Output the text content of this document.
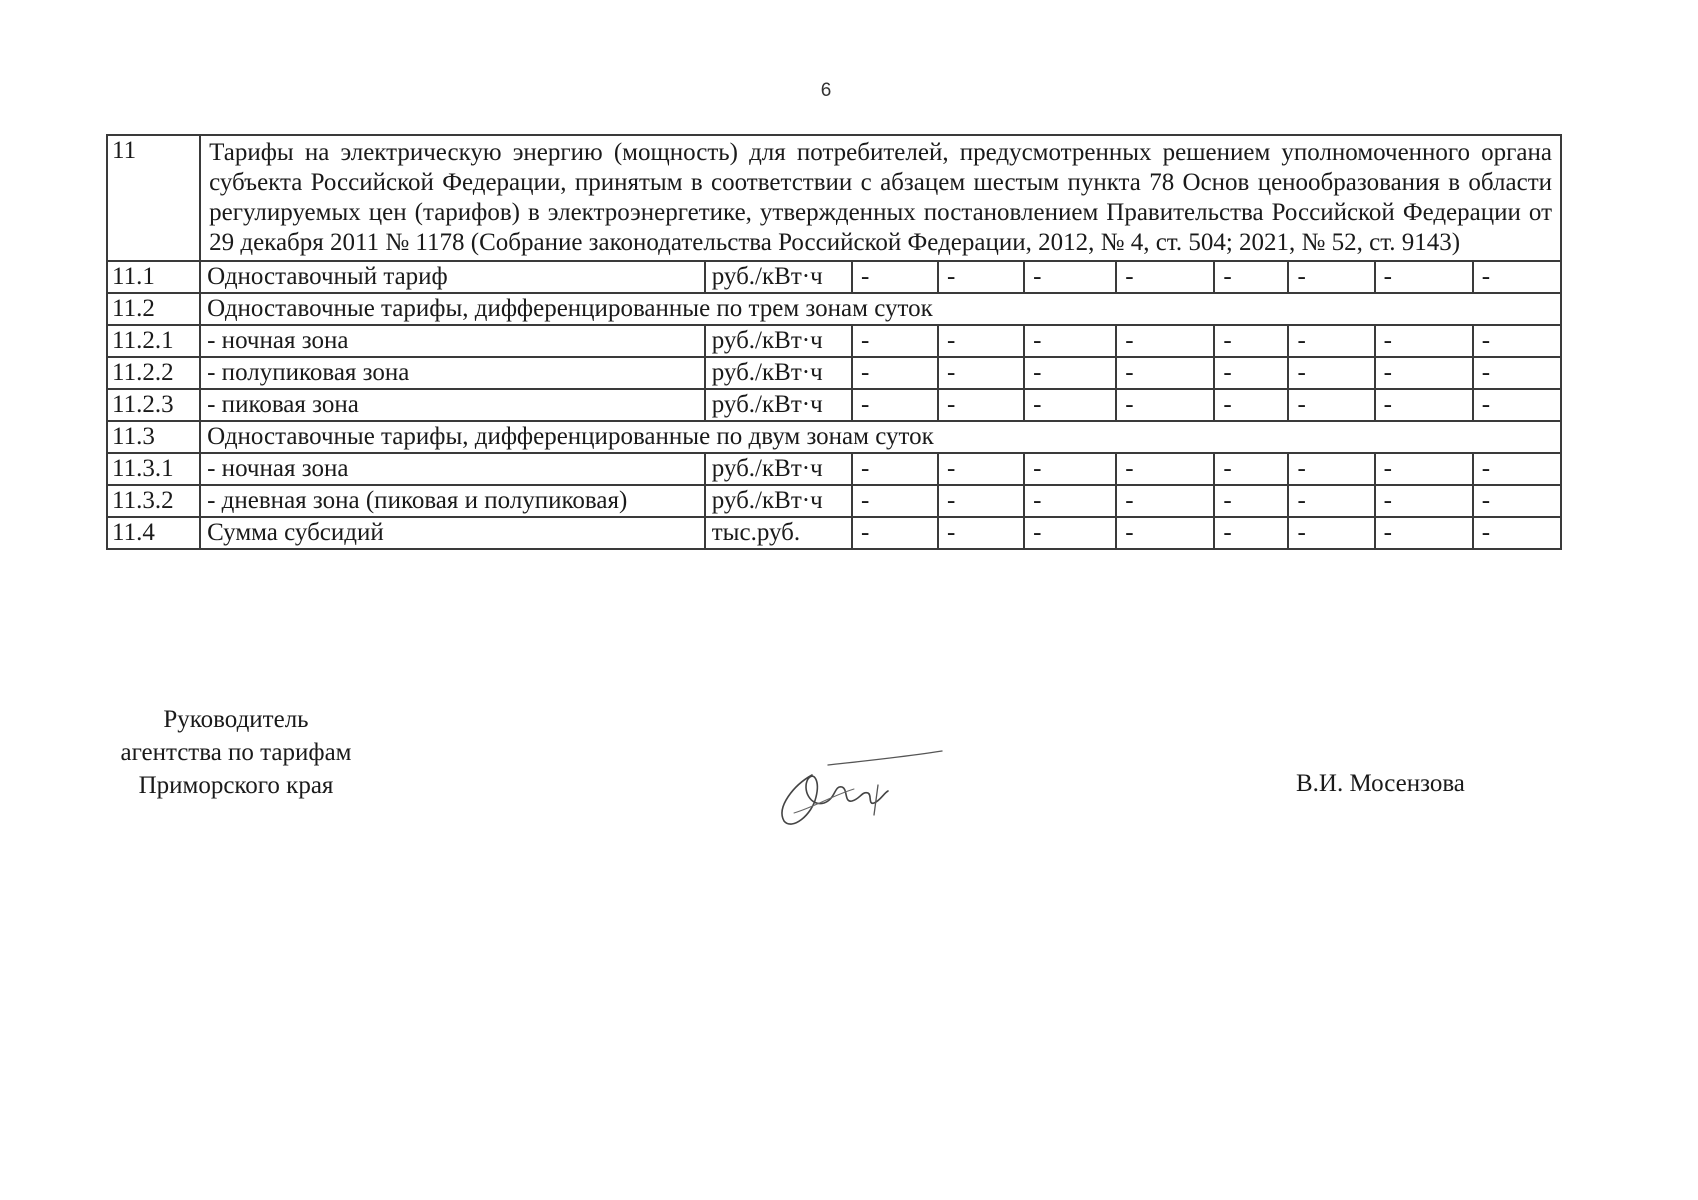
6
11	Тарифы на электрическую энергию (мощность) для потребителей, предусмотренных решением уполномоченного органа субъекта Российской Федерации, принятым в соответствии с абзацем шестым пункта 78 Основ ценообразования в области регулируемых цен (тарифов) в электроэнергетике, утвержденных постановлением Правительства Российской Федерации от 29 декабря 2011 № 1178 (Собрание законодательства Российской Федерации, 2012, № 4, ст. 504; 2021, № 52, ст. 9143)									
11.1	Одноставочный тариф	руб./кВт·ч	-	-	-	-	-	-	-	-
11.2	Одноставочные тарифы, дифференцированные по трем зонам суток									
11.2.1	- ночная зона	руб./кВт·ч	-	-	-	-	-	-	-	-
11.2.2	- полупиковая зона	руб./кВт·ч	-	-	-	-	-	-	-	-
11.2.3	- пиковая зона	руб./кВт·ч	-	-	-	-	-	-	-	-
11.3	Одноставочные тарифы, дифференцированные по двум зонам суток									
11.3.1	- ночная зона	руб./кВт·ч	-	-	-	-	-	-	-	-
11.3.2	- дневная зона (пиковая и полупиковая)	руб./кВт·ч	-	-	-	-	-	-	-	-
11.4	Сумма субсидий	тыс.руб.	-	-	-	-	-	-	-	-
Руководитель
агентства по тарифам
Приморского края	В.И. Мосензова
